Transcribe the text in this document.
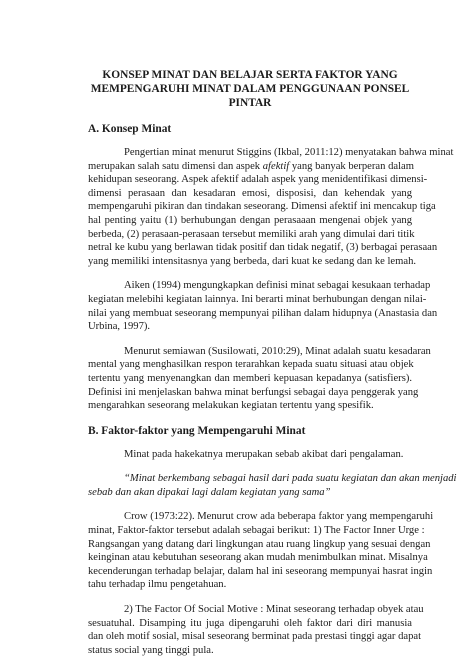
KONSEP MINAT DAN BELAJAR SERTA FAKTOR YANG
MEMPENGARUHI MINAT DALAM PENGGUNAAN PONSEL PINTAR
A. Konsep Minat
Pengertian minat menurut Stiggins (Ikbal, 2011:12) menyatakan bahwa minat
merupakan salah satu dimensi dan aspek afektif yang banyak berperan dalam
kehidupan seseorang. Aspek afektif adalah aspek yang menidentifikasi dimensi-
dimensi perasaan dan kesadaran emosi, disposisi, dan kehendak yang
mempengaruhi pikiran dan tindakan seseorang. Dimensi afektif ini mencakup tiga
hal penting yaitu (1) berhubungan dengan perasaaan mengenai objek yang
berbeda, (2) perasaan-perasaan tersebut memiliki arah yang dimulai dari titik
netral ke kubu yang berlawan tidak positif dan tidak negatif, (3) berbagai perasaan
yang memiliki intensitasnya yang berbeda, dari kuat ke sedang dan ke lemah.
Aiken (1994) mengungkapkan definisi minat sebagai kesukaan terhadap
kegiatan melebihi kegiatan lainnya. Ini berarti minat berhubungan dengan nilai-
nilai yang membuat seseorang mempunyai pilihan dalam hidupnya (Anastasia dan
Urbina, 1997).
Menurut semiawan (Susilowati, 2010:29), Minat adalah suatu kesadaran
mental yang menghasilkan respon terarahkan kepada suatu situasi atau objek
tertentu yang menyenangkan dan memberi kepuasan kepadanya (satisfiers).
Definisi ini menjelaskan bahwa minat berfungsi sebagai daya penggerak yang
mengarahkan seseorang melakukan kegiatan tertentu yang spesifik.
B. Faktor-faktor yang Mempengaruhi Minat
Minat pada hakekatnya merupakan sebab akibat dari pengalaman.
“Minat berkembang sebagai hasil dari pada suatu kegiatan dan akan menjadi
sebab dan akan dipakai lagi dalam kegiatan yang sama”
Crow (1973:22). Menurut crow ada beberapa faktor yang mempengaruhi
minat, Faktor-faktor tersebut adalah sebagai berikut: 1) The Factor Inner Urge :
Rangsangan yang datang dari lingkungan atau ruang lingkup yang sesuai dengan
keinginan atau kebutuhan seseorang akan mudah menimbulkan minat. Misalnya
kecenderungan terhadap belajar, dalam hal ini seseorang mempunyai hasrat ingin
tahu terhadap ilmu pengetahuan.
2) The Factor Of Social Motive : Minat seseorang terhadap obyek atau
sesuatuhal. Disamping itu juga dipengaruhi oleh faktor dari diri manusia
dan oleh motif sosial, misal seseorang berminat pada prestasi tinggi agar dapat
status social yang tinggi pula.
